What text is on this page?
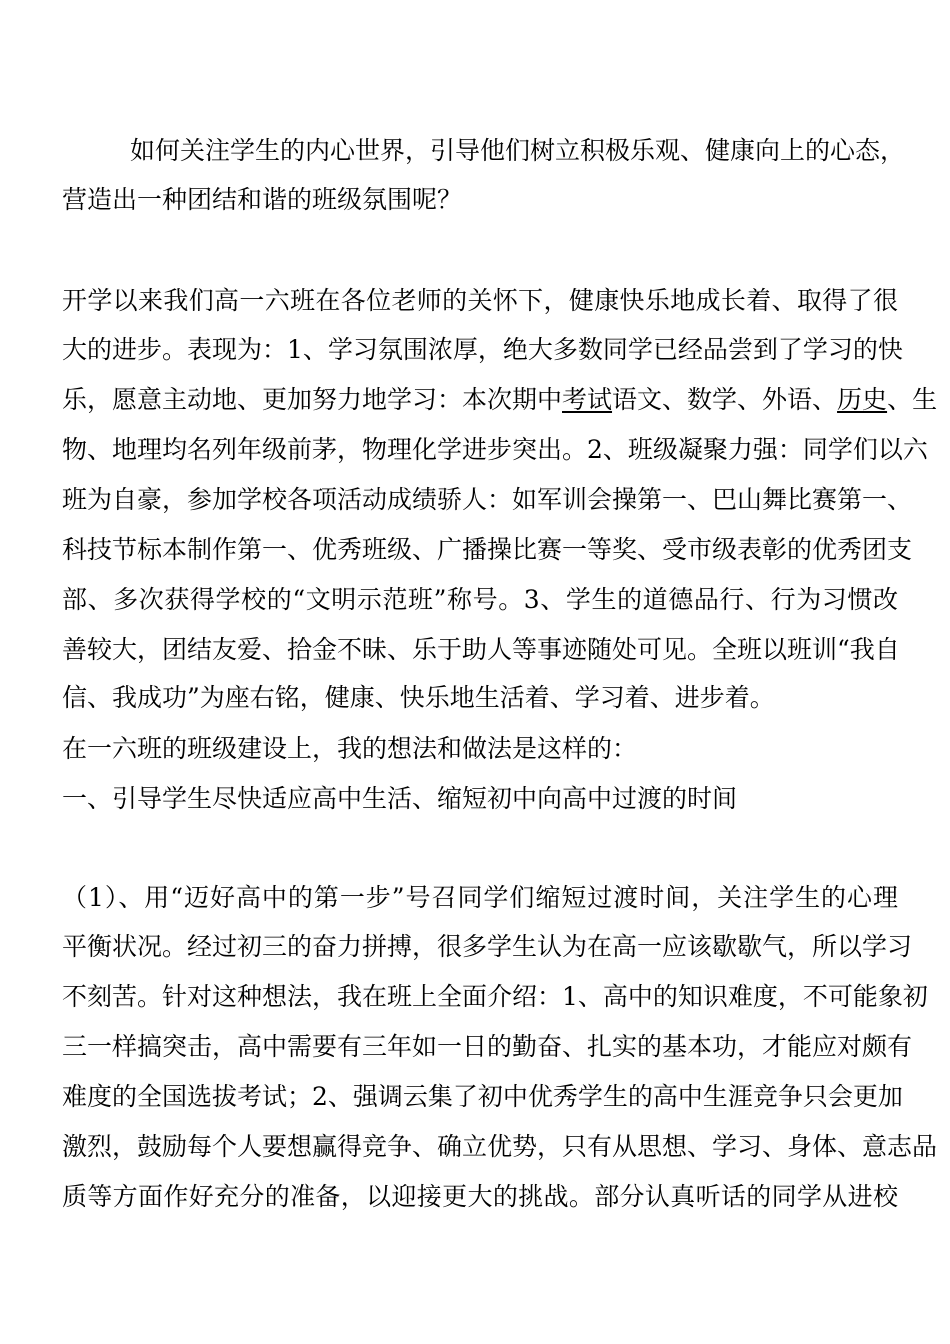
如何关注学生的内心世界，引导他们树立积极乐观、健康向上的心态，
营造出一种团结和谐的班级氛围呢？
开学以来我们高一六班在各位老师的关怀下，健康快乐地成长着、取得了很
大的进步。表现为：1、学习氛围浓厚，绝大多数同学已经品尝到了学习的快
乐，愿意主动地、更加努力地学习：本次期中考试语文、数学、外语、历史、生
物、地理均名列年级前茅，物理化学进步突出。2、班级凝聚力强：同学们以六
班为自豪，参加学校各项活动成绩骄人：如军训会操第一、巴山舞比赛第一、
科技节标本制作第一、优秀班级、广播操比赛一等奖、受市级表彰的优秀团支
部、多次获得学校的“文明示范班”称号。3、学生的道德品行、行为习惯改
善较大，团结友爱、拾金不昧、乐于助人等事迹随处可见。全班以班训“我自
信、我成功”为座右铭，健康、快乐地生活着、学习着、进步着。
在一六班的班级建设上，我的想法和做法是这样的：
一、引导学生尽快适应高中生活、缩短初中向高中过渡的时间
（1）、用“迈好高中的第一步”号召同学们缩短过渡时间，关注学生的心理
平衡状况。经过初三的奋力拼搏，很多学生认为在高一应该歇歇气，所以学习
不刻苦。针对这种想法，我在班上全面介绍：1、高中的知识难度，不可能象初
三一样搞突击，高中需要有三年如一日的勤奋、扎实的基本功，才能应对颇有
难度的全国选拔考试；2、强调云集了初中优秀学生的高中生涯竞争只会更加
激烈，鼓励每个人要想赢得竞争、确立优势，只有从思想、学习、身体、意志品
质等方面作好充分的准备，以迎接更大的挑战。部分认真听话的同学从进校
